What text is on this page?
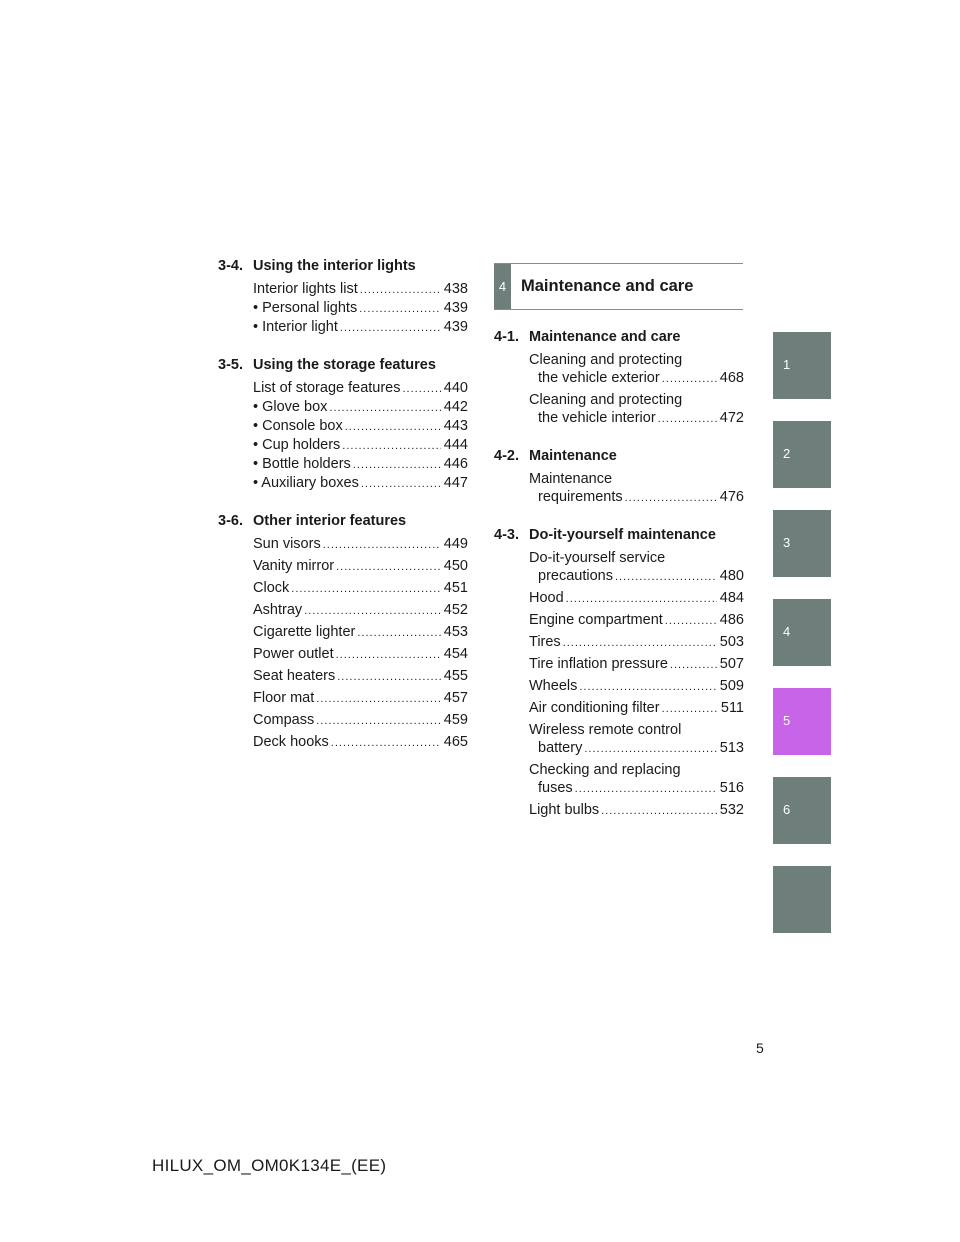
3-4. Using the interior lights
Interior lights list .....	438
• Personal lights .....	439
• Interior light .....	439
3-5. Using the storage features
List of storage features .....	440
• Glove box .....	442
• Console box .....	443
• Cup holders .....	444
• Bottle holders .....	446
• Auxiliary boxes .....	447
3-6. Other interior features
Sun visors .....	449
Vanity mirror .....	450
Clock .....	451
Ashtray .....	452
Cigarette lighter .....	453
Power outlet .....	454
Seat heaters .....	455
Floor mat .....	457
Compass .....	459
Deck hooks .....	465
4 Maintenance and care
4-1. Maintenance and care
Cleaning and protecting
the vehicle exterior .....	468
Cleaning and protecting
the vehicle interior .....	472
4-2. Maintenance
Maintenance
requirements .....	476
4-3. Do-it-yourself maintenance
Do-it-yourself service
precautions .....	480
Hood .....	484
Engine compartment .....	486
Tires .....	503
Tire inflation pressure .....	507
Wheels .....	509
Air conditioning filter .....	511
Wireless remote control
battery .....	513
Checking and replacing
fuses .....	516
Light bulbs .....	532
1
2
3
4
5
6
5
HILUX_OM_OM0K134E_(EE)
